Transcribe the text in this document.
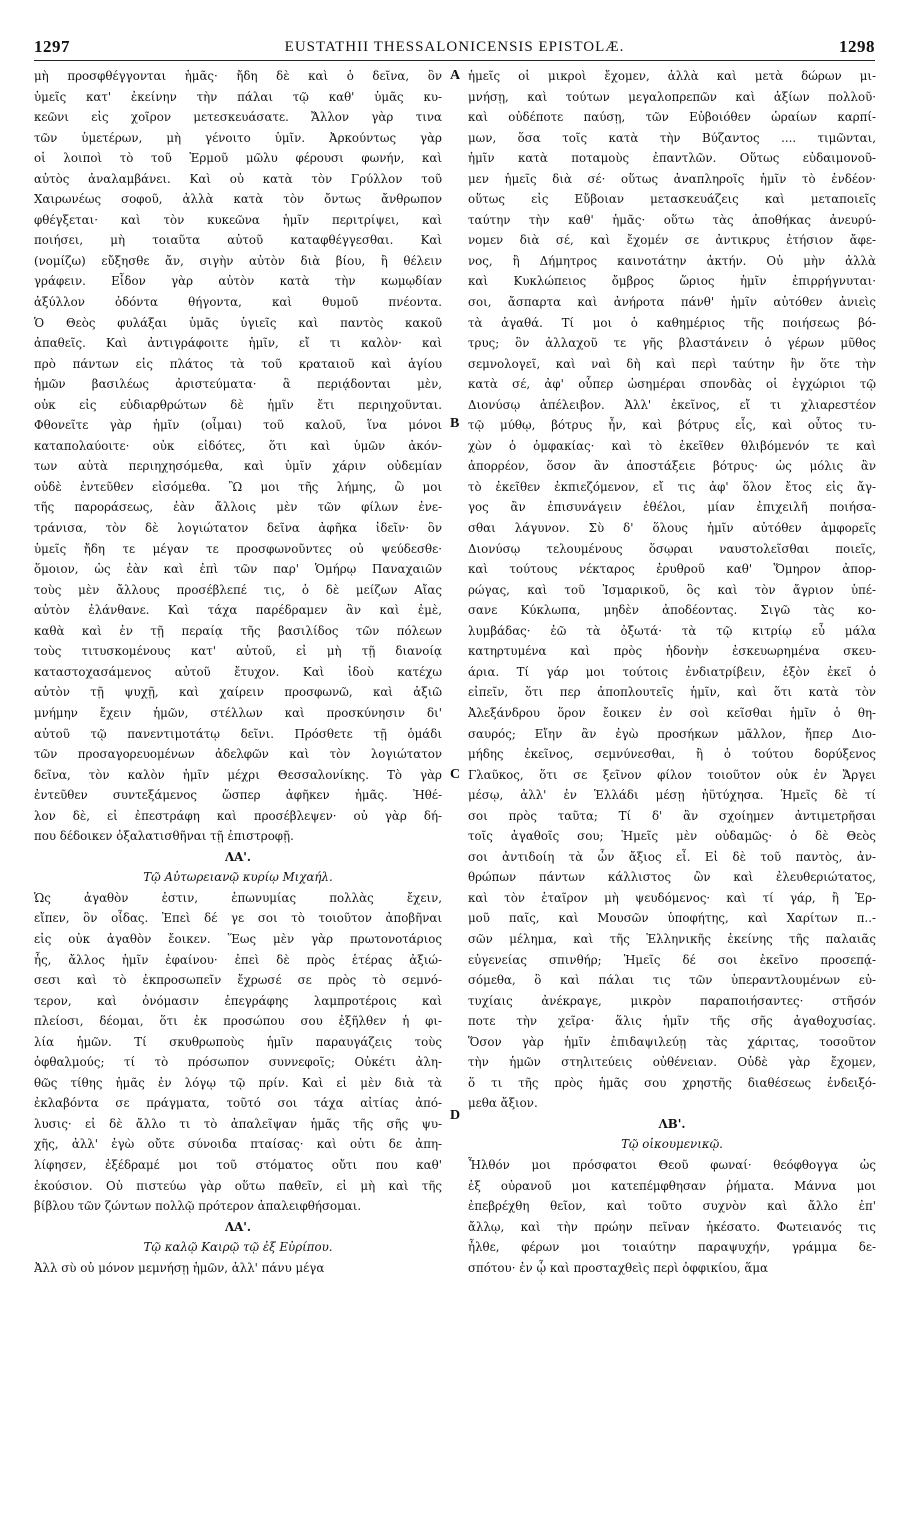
1297	EUSTATHII THESSALONICENSIS EPISTOLÆ.	1298
μὴ προσφθέγγονται ἡμᾶς· ἤδη δὲ καὶ ὁ δεῖνα, ὃν
ὑμεῖς κατ' ἐκείνην τὴν πάλαι τῷ καθ' ὑμᾶς κυ-
κεῶνι εἰς χοῖρον μετεσκευάσατε. Ἄλλον γὰρ τινα
τῶν ὑμετέρων, μὴ γένοιτο ὑμῖν. Ἀρκούντως γὰρ
οἱ λοιποὶ τὸ τοῦ Ἑρμοῦ μῶλυ φέρουσι φωνήν, καὶ
αὐτὸς ἀναλαμβάνει. Καὶ οὐ κατὰ τὸν Γρύλλον τοῦ
Χαιρωνέως σοφοῦ, ἀλλὰ κατὰ τὸν ὄντως ἄνθρωπον
φθέγξεται· καὶ τὸν κυκεῶνα ἡμῖν περιτρίψει, καὶ
ποιήσει, μὴ τοιαῦτα αὐτοῦ καταφθέγγεσθαι. Καὶ
(νομίζω) εὔξησθε ἄν, σιγὴν αὐτὸν διὰ βίου, ἢ θέλειν
γράφειν. Εἶδον γὰρ αὐτὸν κατὰ τὴν κωμῳδίαν
ἀξύλλον ὀδόντα θήγοντα, καὶ θυμοῦ πνέοντα.
Ὁ Θεὸς φυλάξαι ὑμᾶς ὑγιεῖς καὶ παντὸς κακοῦ
ἀπαθεῖς. Καὶ ἀντιγράφοιτε ἡμῖν, εἴ τι καλὸν· καὶ
πρὸ πάντων εἰς πλάτος τὰ τοῦ κραταιοῦ καὶ ἁγίου
ἡμῶν βασιλέως ἀριστεύματα· ἃ περιᾴδονται μὲν,
οὐκ εἰς εὐδιαρθρώτων δὲ ἡμῖν ἔτι περιηχοῦνται.
Φθονεῖτε γὰρ ἡμῖν (οἶμαι) τοῦ καλοῦ, ἵνα μόνοι
καταπολαύοιτε· οὐκ εἰδότες, ὅτι καὶ ὑμῶν ἀκόν-
των αὐτὰ περιηχησόμεθα, καὶ ὑμῖν χάριν οὐδεμίαν
οὐδὲ ἐντεῦθεν εἰσόμεθα. Ὢ μοι τῆς λήμης, ὢ μοι
τῆς παροράσεως, ἐὰν ἄλλοις μὲν τῶν φίλων ἐνε-
τράνισα, τὸν δὲ λογιώτατον δεῖνα ἀφῆκα ἰδεῖν· ὃν
ὑμεῖς ἤδη τε μέγαν τε προσφωνοῦντες οὐ ψεύδεσθε·
ὅμοιον, ὡς ἐὰν καὶ ἐπὶ τῶν παρ' Ὁμήρῳ Παναχαιῶν
τοὺς μὲν ἄλλους προσέβλεπέ τις, ὁ δὲ μείζων Αἴας
αὐτὸν ἐλάνθανε. Καὶ τάχα παρέδραμεν ἂν καὶ ἐμὲ,
καθὰ καὶ ἐν τῇ περαίᾳ τῆς βασιλίδος τῶν πόλεων
τοὺς τιτυσκομένους κατ' αὐτοῦ, εἰ μὴ τῇ διανοίᾳ
καταστοχασάμενος αὐτοῦ ἔτυχον. Καὶ ἰδοὺ κατέχω
αὐτὸν τῇ ψυχῇ, καὶ χαίρειν προσφωνῶ, καὶ ἀξιῶ
μνήμην ἔχειν ἡμῶν, στέλλων καὶ προσκύνησιν δι'
αὐτοῦ τῷ πανεντιμοτάτῳ δεῖνι. Πρόσθετε τῇ ὁμάδι
τῶν προσαγορευομένων ἀδελφῶν καὶ τὸν λογιώτατον
δεῖνα, τὸν καλὸν ἡμῖν μέχρι Θεσσαλονίκης. Τὸ γὰρ
ἐντεῦθεν συντεξάμενος ὥσπερ ἀφῆκεν ἡμᾶς. Ἠθέ-
λον δὲ, εἰ ἐπεστράφη καὶ προσέβλεψεν· οὐ γὰρ δή-
που δέδοικεν ὀξαλατισθῆναι τῇ ἐπιστροφῇ.
ΛΑ'.
Τῷ Αὐτωρειανῷ κυρίῳ Μιχαήλ.
Ὡς ἀγαθὸν ἐστιν, ἐπωνυμίας πολλὰς ἔχειν,
εἴπεν, ὃν οἶδας. Ἐπεὶ δέ γε σοι τὸ τοιοῦτον ἀποβῆναι
εἰς οὐκ ἀγαθὸν ἔοικεν. Ἕως μὲν γὰρ πρωτονοτάριος
ἦς, ἄλλος ἡμῖν ἐφαίνου· ἐπεὶ δὲ πρὸς ἑτέρας ἀξιώ-
σεσι καὶ τὸ ἐκπροσωπεῖν ἔχρωσέ σε πρὸς τὸ σεμνό-
τερον, καὶ ὀνόμασιν ἐπεγράφης λαμπροτέροις καὶ
πλείοσι, δέομαι, ὅτι ἐκ προσώπου σου ἐξῆλθεν ἡ φι-
λία ἡμῶν. Τί σκυθρωποὺς ἡμῖν παραυγάζεις τοὺς
ὀφθαλμούς; τί τὸ πρόσωπον συννεφοῖς; Οὐκέτι ἀλη-
θῶς τίθης ἡμᾶς ἐν λόγῳ τῷ πρίν. Καὶ εἰ μὲν διὰ τὰ
ἐκλαβόντα σε πράγματα, τοῦτό σοι τάχα αἰτίας ἀπό-
λυσις· εἰ δὲ ἄλλο τι τὸ ἀπαλεῖψαν ἡμᾶς τῆς σῆς ψυ-
χῆς, ἀλλ' ἐγὼ οὔτε σύνοιδα πταίσας· καὶ οὐτι δε ἀπη-
λίφησεν, ἐξέδραμέ μοι τοῦ στόματος οὔτι που καθ'
ἑκούσιον. Οὐ πιστεύω γὰρ οὕτω παθεῖν, εἰ μὴ καὶ τῆς
βίβλου τῶν ζώντων πολλῷ πρότερον ἀπαλειφθήσομαι.
ΛΑ'.
Τῷ καλῷ Καιρῷ τῷ ἐξ Εὐρίπου.
Ἀλλ σὺ οὐ μόνον μεμνήσῃ ἡμῶν, ἀλλ' πάνυ μέγα
ἡμεῖς οἱ μικροὶ ἔχομεν, ἀλλὰ καὶ μετὰ δώρων μι-
μνήσῃ, καὶ τούτων μεγαλοπρεπῶν καὶ ἀξίων πολλοῦ·
καὶ οὐδέποτε παύσῃ, τῶν Εὐβοιόθεν ὡραίων καρπί-
μων, ὅσα τοῖς κατὰ τὴν Βύζαντος .... τιμῶνται,
ἡμῖν κατὰ ποταμοὺς ἐπαντλῶν. Οὕτως εὐδαιμονοῦ-
μεν ἡμεῖς διὰ σέ· οὕτως ἀναπληροῖς ἡμῖν τὸ ἐνδέον·
οὕτως εἰς Εὔβοιαν μετασκευάζεις καὶ μεταποιεῖς
ταύτην τὴν καθ' ἡμᾶς· οὕτω τὰς ἀποθήκας ἀνευρύ-
νομεν διὰ σέ, καὶ ἔχομέν σε ἀντικρυς ἐτήσιον ἄφε-
νος, ἢ Δήμητρος καινοτάτην ἀκτήν. Οὐ μὴν ἀλλὰ
καὶ Κυκλώπειος ὄμβρος ὥριος ἡμῖν ἐπιρρήγνυται·
σοι, ἄσπαρτα καὶ ἀνήροτα πάνθ' ἡμῖν αὐτόθεν ἀνιεὶς
τὰ ἀγαθά. Τί μοι ὁ καθημέριος τῆς ποιήσεως βό-
τρυς; ὃν ἀλλαχοῦ τε γῆς βλαστάνειν ὁ γέρων μῦθος
σεμνολογεῖ, καὶ ναὶ δὴ καὶ περὶ ταύτην ἣν ὅτε τὴν
κατὰ σέ, ἀφ' οὗπερ ὡσημέραι σπονδὰς οἱ ἐγχώριοι τῷ
Διονύσῳ ἀπέλειβον. Ἀλλ' ἐκεῖνος, εἴ τι χλιαρεστέον
τῷ μύθῳ, βότρυς ἦν, καὶ βότρυς εἷς, καὶ οὗτος τυ-
χὼν ὁ ὀμφακίας· καὶ τὸ ἐκεῖθεν θλιβόμενόν τε καὶ
ἀπορρέον, ὅσον ἂν ἀποστάξειε βότρυς· ὡς μόλις ἂν
τὸ ἐκεῖθεν ἐκπιεζόμενον, εἴ τις ἀφ' ὅλον ἔτος εἰς ἄγ-
γος ἂν ἐπισυνάγειν ἐθέλοι, μίαν ἐπιχειλῆ ποιήσα-
σθαι λάγυνον. Σὺ δ' ὅλους ἡμῖν αὐτόθεν ἀμφορεῖς
Διονύσῳ τελουμένους ὅσῳραι ναυστολεῖσθαι ποιεῖς,
καὶ τούτους νέκταρος ἐρυθροῦ καθ' Ὅμηρον ἀπορ-
ρώγας, καὶ τοῦ Ἰσμαρικοῦ, ὃς καὶ τὸν ἄγριον ὑπέ-
σανε Κύκλωπα, μηδὲν ἀποδέοντας. Σιγῶ τὰς κο-
λυμβάδας· ἐῶ τὰ ὀξωτά· τὰ τῷ κιτρίῳ εὖ μάλα
κατηρτυμένα καὶ πρὸς ἡδονὴν ἐσκευωρημένα σκευ-
άρια. Τί γάρ μοι τούτοις ἐνδιατρίβειν, ἐξὸν ἐκεῖ ὁ
εἰπεῖν, ὅτι περ ἀποπλουτεῖς ἡμῖν, καὶ ὅτι κατὰ τὸν
Ἀλεξάνδρου ὅρον ἔοικεν ἐν σοὶ κεῖσθαι ἡμῖν ὁ θη-
σαυρός; Εἴην ἂν ἐγὼ προσήκων μᾶλλον, ἤπερ Διο-
μήδης ἐκεῖνος, σεμνύνεσθαι, ἢ ὁ τούτου δορύξενος
Γλαῦκος, ὅτι σε ξεῖνον φίλον τοιοῦτον οὐκ ἐν Ἄργει
μέσῳ, ἀλλ' ἐν Ἑλλάδι μέσῃ ἠϋτύχησα. Ἡμεῖς δὲ τί
σοι πρὸς ταῦτα; Τί δ' ἂν σχοίημεν ἀντιμετρῆσαι
τοῖς ἀγαθοῖς σου; Ἡμεῖς μὲν οὐδαμῶς· ὁ δὲ Θεὸς
σοι ἀντιδοίη τὰ ὧν ἄξιος εἶ. Εἰ δὲ τοῦ παντὸς, ἀν-
θρώπων πάντων κάλλιστος ὢν καὶ ἐλευθεριώτατος,
καὶ τὸν ἑταῖρον μὴ ψευδόμενος· καὶ τί γάρ, ἢ Ἑρ-
μοῦ παῖς, καὶ Μουσῶν ὑποφήτης, καὶ Χαρίτων π..-
σῶν μέλημα, καὶ τῆς Ἑλληνικῆς ἐκείνης τῆς παλαιᾶς
εὐγενείας σπινθήρ; Ἡμεῖς δέ σοι ἐκεῖνο προσεπᾴ-
σόμεθα, ὃ καὶ πάλαι τις τῶν ὑπεραντλουμένων εὐ-
τυχίαις ἀνέκραγε, μικρὸν παραποιήσαντες· στῆσόν
ποτε τὴν χεῖρα· ἅλις ἡμῖν τῆς σῆς ἀγαθοχυσίας.
Ὅσον γὰρ ἡμῖν ἐπιδαψιλεύῃ τὰς χάριτας, τοσοῦτον
τὴν ἡμῶν στηλιτεύεις οὐθένειαν. Οὐδὲ γὰρ ἔχομεν,
ὅ τι τῆς πρὸς ἡμᾶς σου χρηστῆς διαθέσεως ἐνδειξό-
μεθα ἄξιον.
ΛΒ'.
Τῷ οἰκουμενικῷ.
Ἦλθόν μοι πρόσφατοι Θεοῦ φωναί· θεόφθογγα ὡς
ἐξ οὐρανοῦ μοι κατεπέμφθησαν ῥήματα. Μάννα μοι
ἐπεβρέχθη θεῖον, καὶ τοῦτο συχνὸν καὶ ἄλλο ἐπ'
ἄλλῳ, καὶ τὴν πρώην πεῖναν ἠκέσατο. Φωτειανός τις
ἦλθε, φέρων μοι τοιαύτην παραψυχήν, γράμμα δε-
σπότου· ἐν ᾧ καὶ προσταχθεὶς περὶ ὀφφικίου, ἅμα
A
B
C
D
